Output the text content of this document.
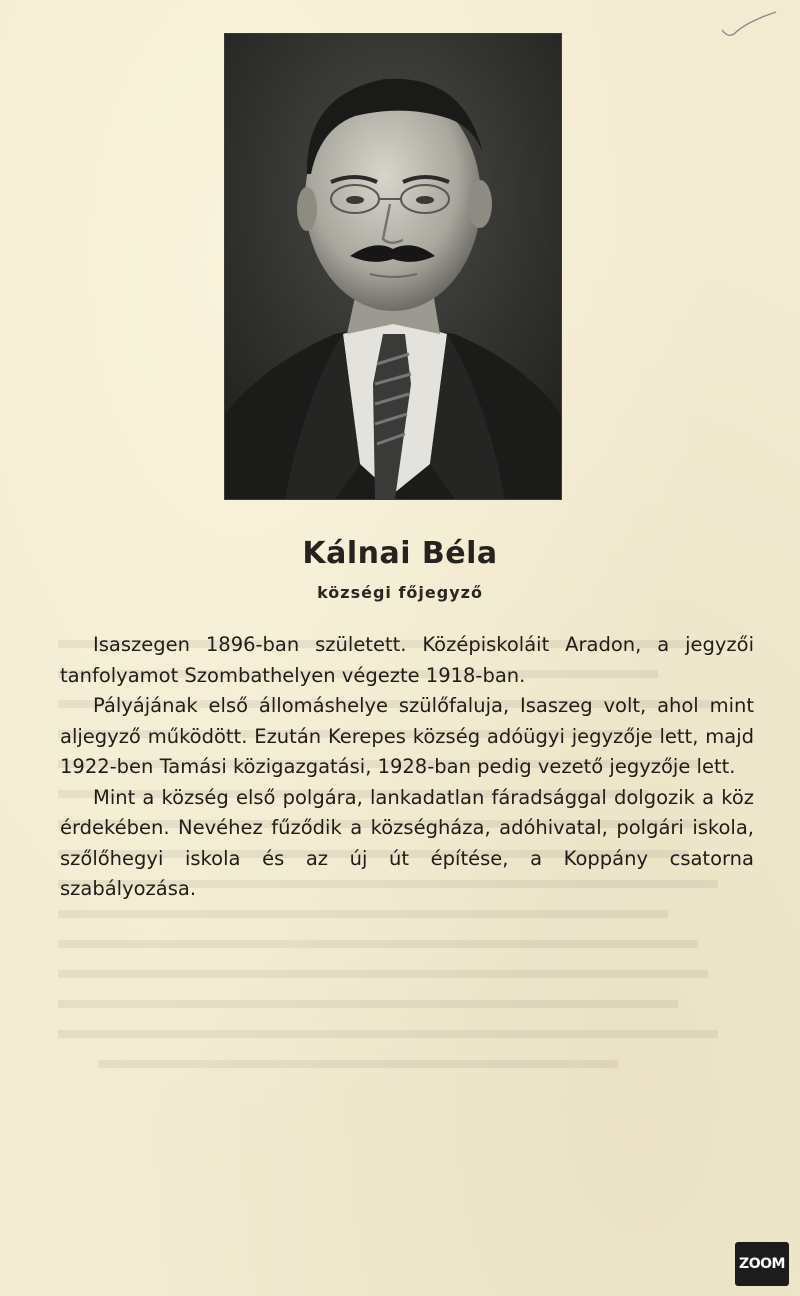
Kálnai Béla
községi főjegyző

Isaszegen 1896-ban született. Középiskoláit Aradon, a jegyzői tanfolyamot Szombathelyen végezte 1918-ban.

Pályájának első állomáshelye szülőfaluja, Isaszeg volt, ahol mint aljegyző működött. Ezután Kerepes község adóügyi jegyzője lett, majd 1922-ben Tamási közigazgatási, 1928-ban pedig vezető jegyzője lett.

Mint a község első polgára, lankadatlan fáradsággal dolgozik a köz érdekében. Nevéhez fűződik a községháza, adóhivatal, polgári iskola, szőlőhegyi iskola és az új út építése, a Koppány csatorna szabályozása.

ZOOM
